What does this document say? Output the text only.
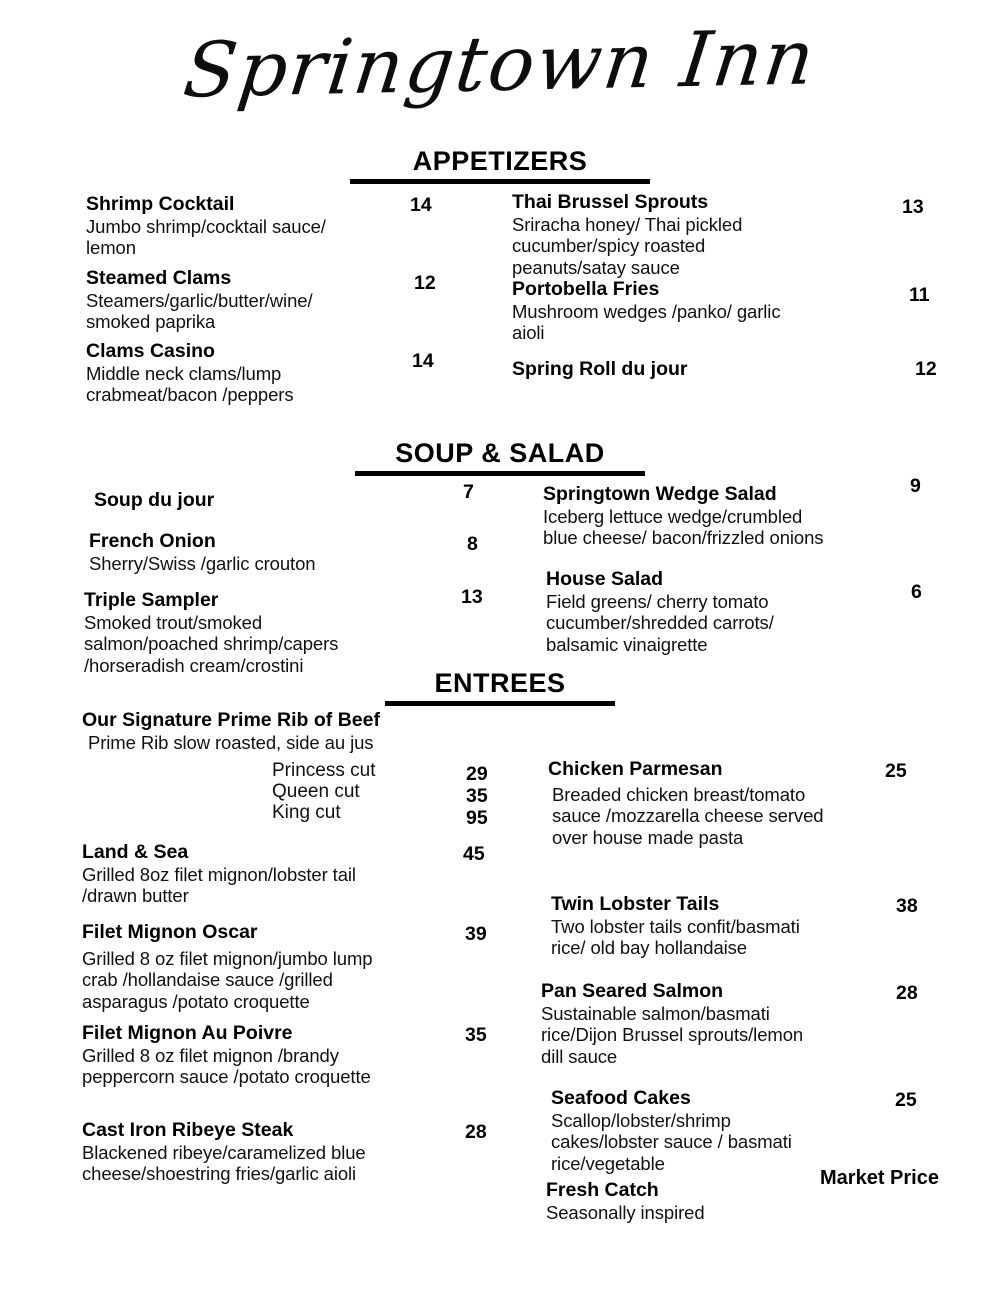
Springtown Inn
APPETIZERS
Shrimp Cocktail
Jumbo shrimp/cocktail sauce/
lemon
14
Steamed Clams
Steamers/garlic/butter/wine/
smoked paprika
12
Clams Casino
Middle neck clams/lump
crabmeat/bacon /peppers
14
Thai Brussel Sprouts
Sriracha honey/ Thai pickled
cucumber/spicy roasted
peanuts/satay sauce
13
Portobella Fries
Mushroom wedges /panko/ garlic
aioli
11
Spring Roll du jour	12
SOUP & SALAD
Soup du jour	7
French Onion
Sherry/Swiss /garlic crouton
8
Triple Sampler
Smoked trout/smoked
salmon/poached shrimp/capers
/horseradish cream/crostini
13
Springtown Wedge Salad
Iceberg lettuce wedge/crumbled
blue cheese/ bacon/frizzled onions
9
House Salad
Field greens/ cherry tomato
cucumber/shredded carrots/
balsamic vinaigrette
6
ENTREES
Our Signature Prime Rib of Beef
Prime Rib slow roasted, side au jus
Princess cut	29
Queen cut	35
King cut	95
Land & Sea
Grilled 8oz filet mignon/lobster tail
/drawn butter
45
Filet Mignon Oscar
Grilled 8 oz filet mignon/jumbo lump
crab /hollandaise sauce /grilled
asparagus /potato croquette
39
Filet Mignon Au Poivre
Grilled 8 oz filet mignon /brandy
peppercorn sauce /potato croquette
35
Cast Iron Ribeye Steak
Blackened ribeye/caramelized blue
cheese/shoestring fries/garlic aioli
28
Chicken Parmesan
Breaded chicken breast/tomato
sauce /mozzarella cheese served
over house made pasta
25
Twin Lobster Tails
Two lobster tails confit/basmati
rice/ old bay hollandaise
38
Pan Seared Salmon
Sustainable salmon/basmati
rice/Dijon Brussel sprouts/lemon
dill sauce
28
Seafood Cakes
Scallop/lobster/shrimp
cakes/lobster sauce / basmati
rice/vegetable
25
Fresh Catch
Seasonally inspired
Market Price
